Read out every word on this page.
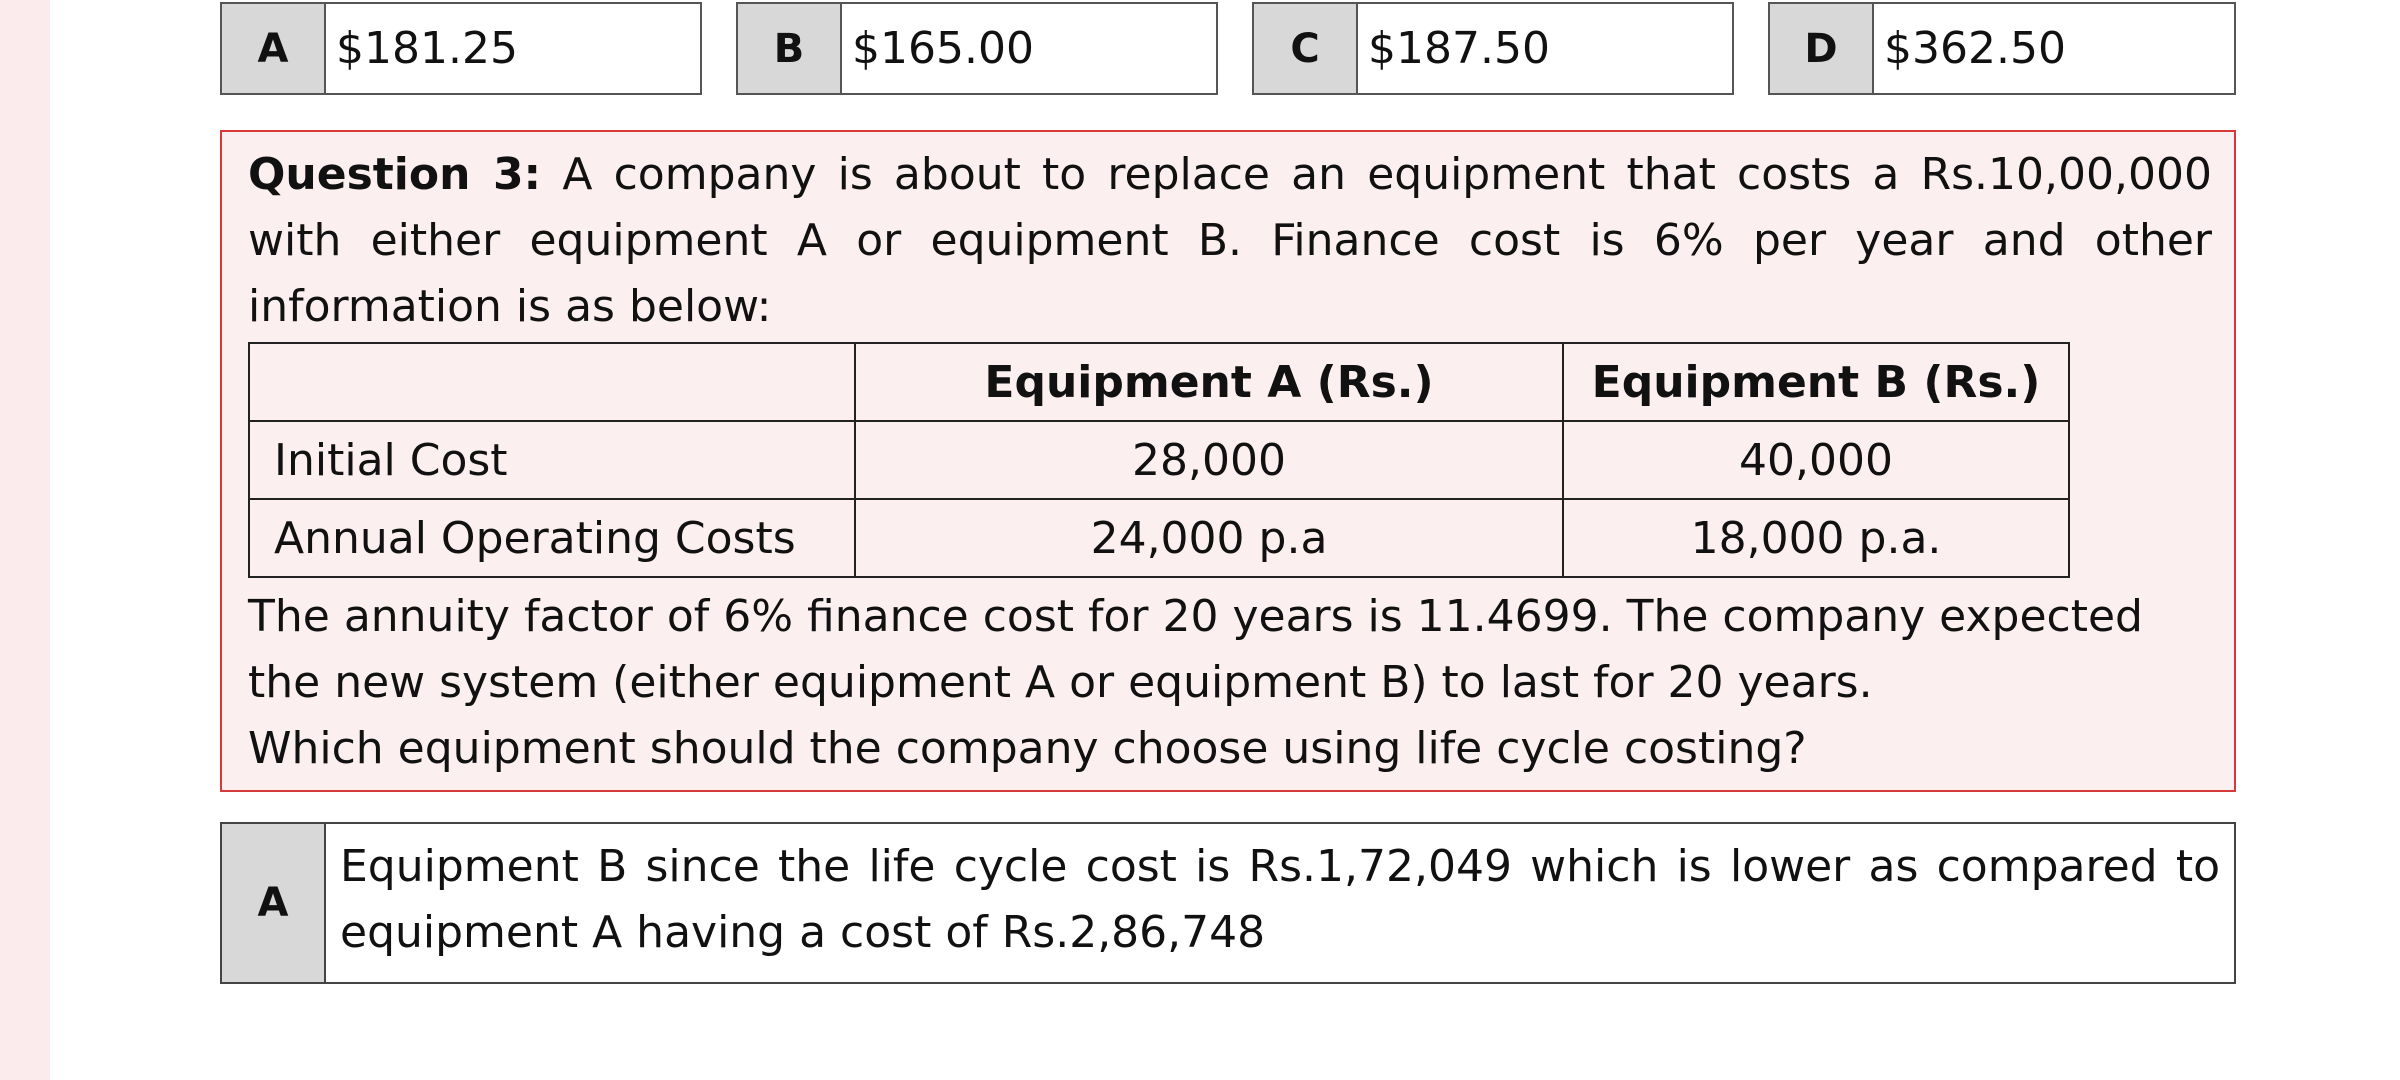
A	$181.25	B	$165.00	C	$187.50	D	$362.50

Question 3: A company is about to replace an equipment that costs a Rs.10,00,000 with either equipment A or equipment B. Finance cost is 6% per year and other information is as below:

	Equipment A (Rs.)	Equipment B (Rs.)
Initial Cost	28,000	40,000
Annual Operating Costs	24,000 p.a	18,000 p.a.

The annuity factor of 6% finance cost for 20 years is 11.4699. The company expected the new system (either equipment A or equipment B) to last for 20 years.

Which equipment should the company choose using life cycle costing?

A
Equipment B since the life cycle cost is Rs.1,72,049 which is lower as compared to equipment A having a cost of Rs.2,86,748
